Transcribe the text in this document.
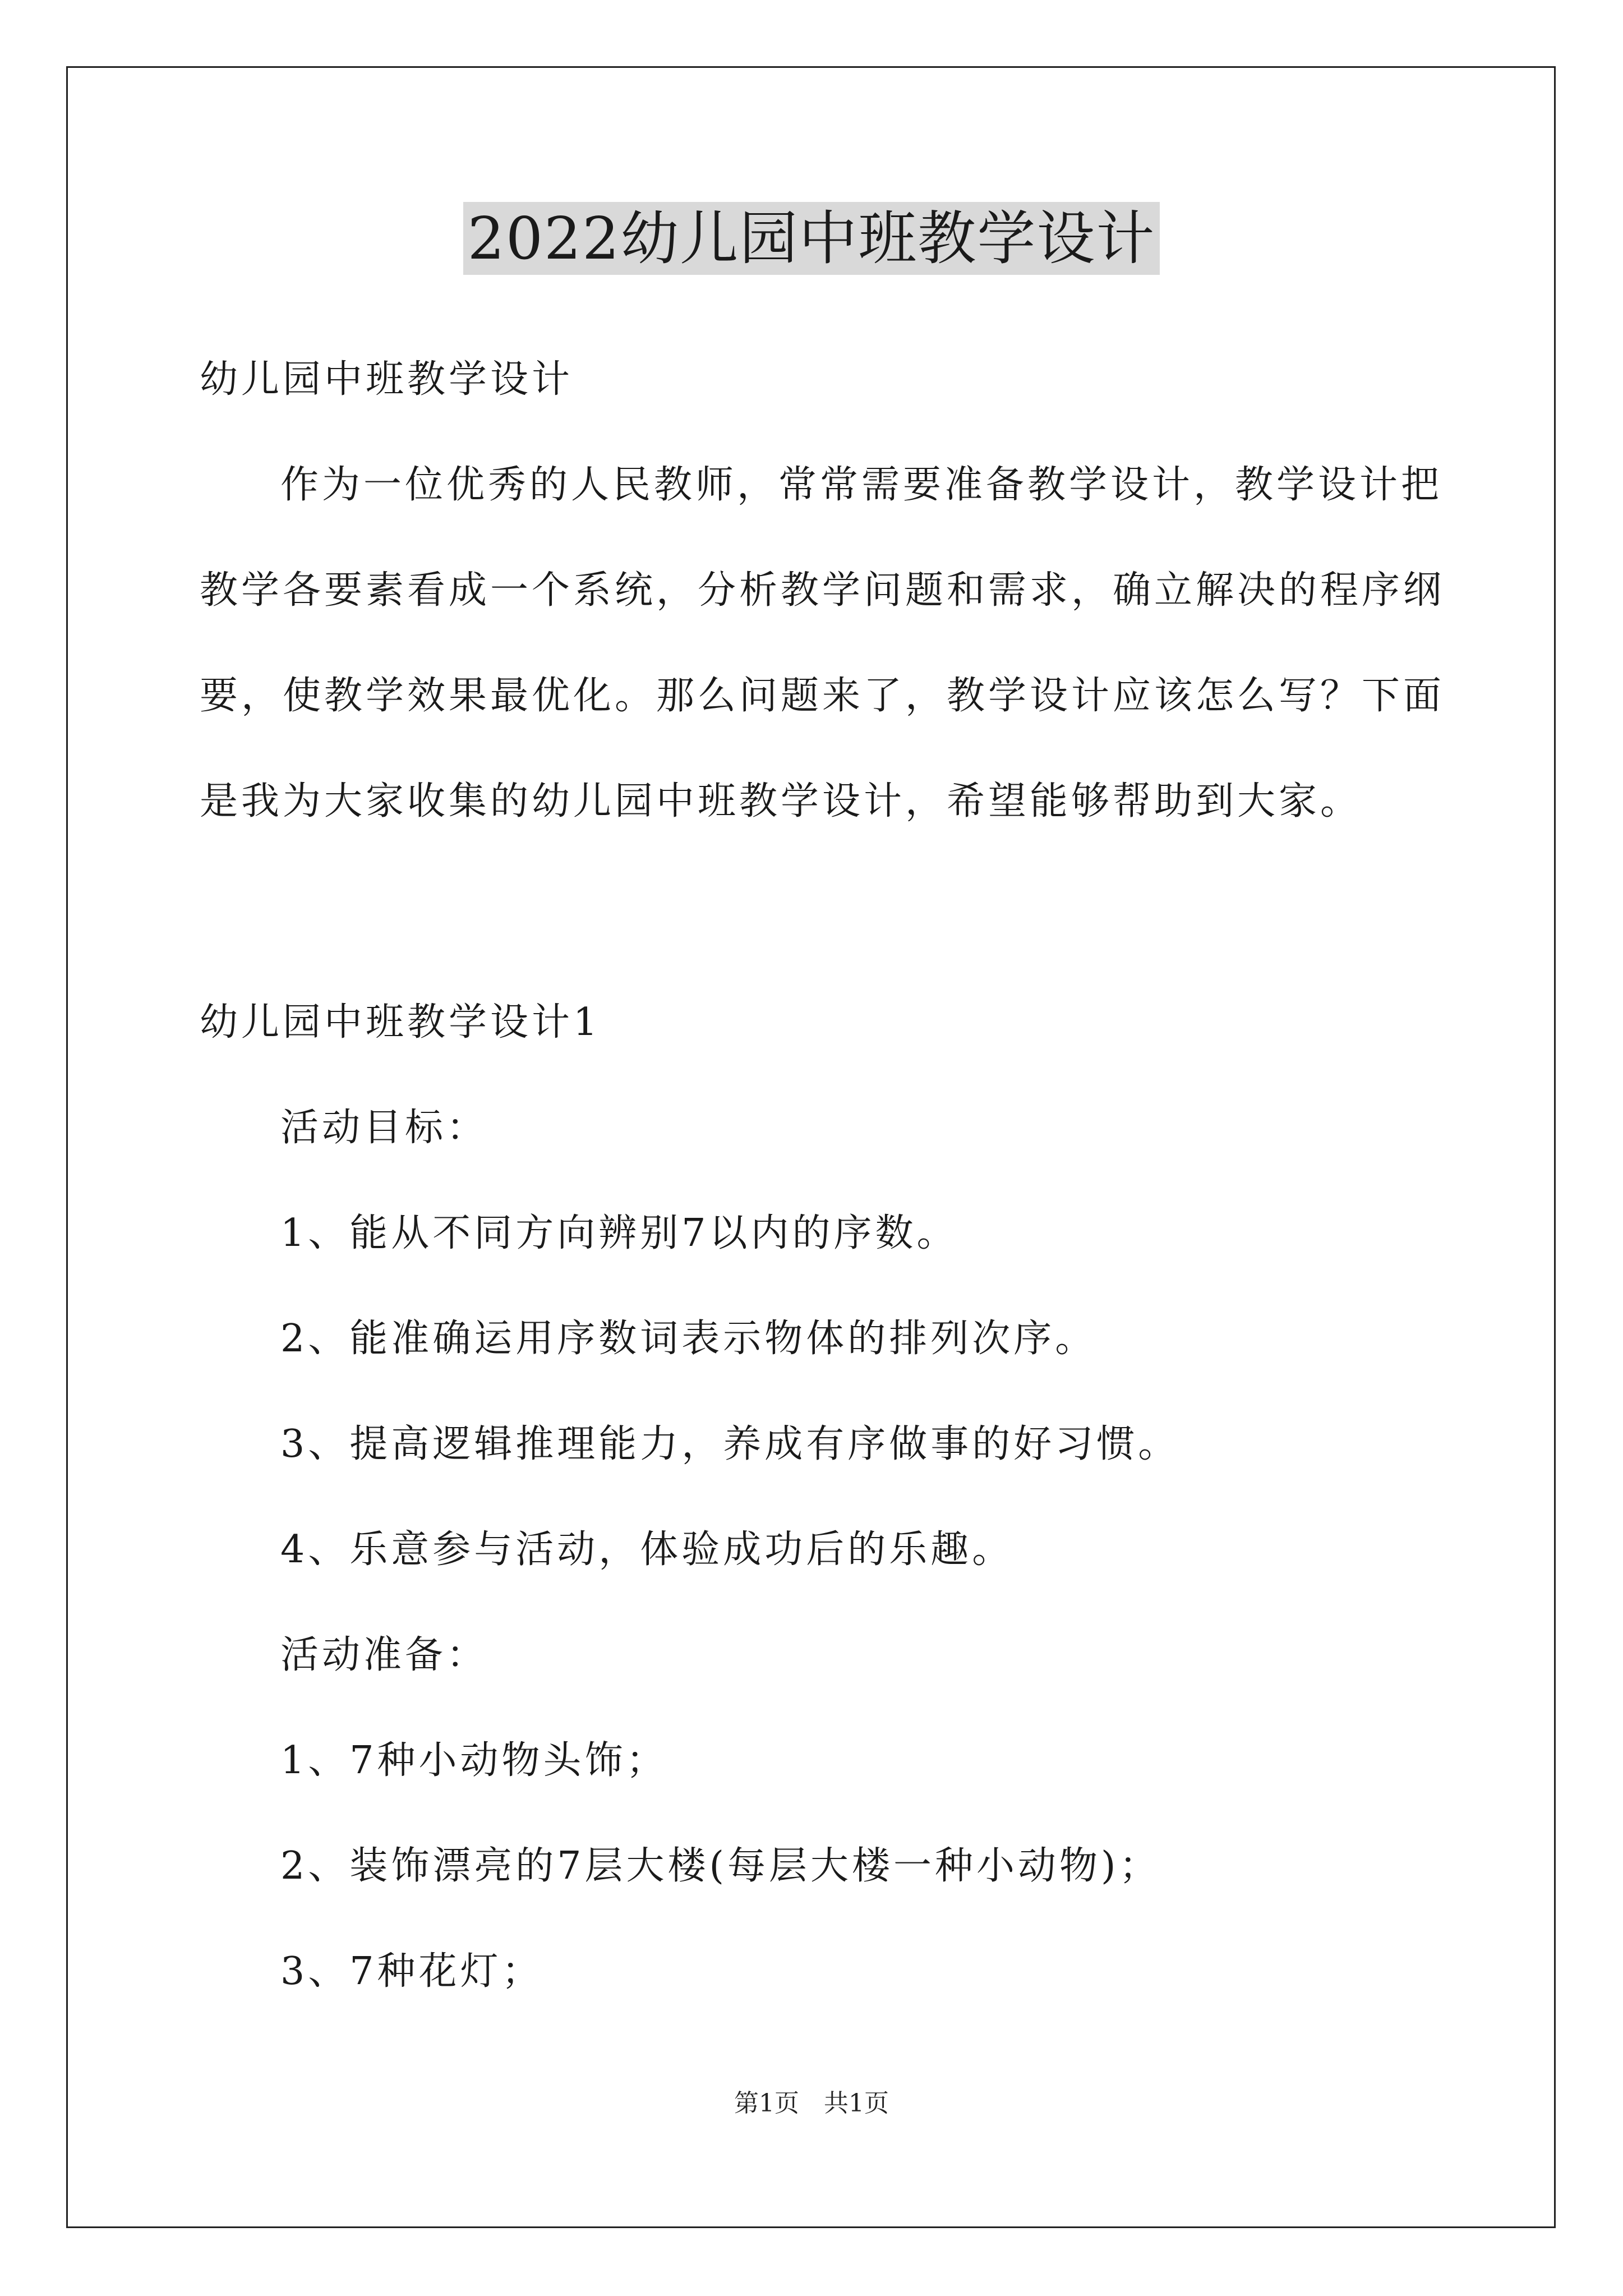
2022幼儿园中班教学设计
幼儿园中班教学设计
作为一位优秀的人民教师，常常需要准备教学设计，教学设计把
教学各要素看成一个系统，分析教学问题和需求，确立解决的程序纲
要，使教学效果最优化。那么问题来了，教学设计应该怎么写？下面
是我为大家收集的幼儿园中班教学设计，希望能够帮助到大家。
幼儿园中班教学设计1
活动目标：
1、能从不同方向辨别7以内的序数。
2、能准确运用序数词表示物体的排列次序。
3、提高逻辑推理能力，养成有序做事的好习惯。
4、乐意参与活动，体验成功后的乐趣。
活动准备：
1、7种小动物头饰；
2、装饰漂亮的7层大楼(每层大楼一种小动物)；
3、7种花灯；
第1页　共1页
